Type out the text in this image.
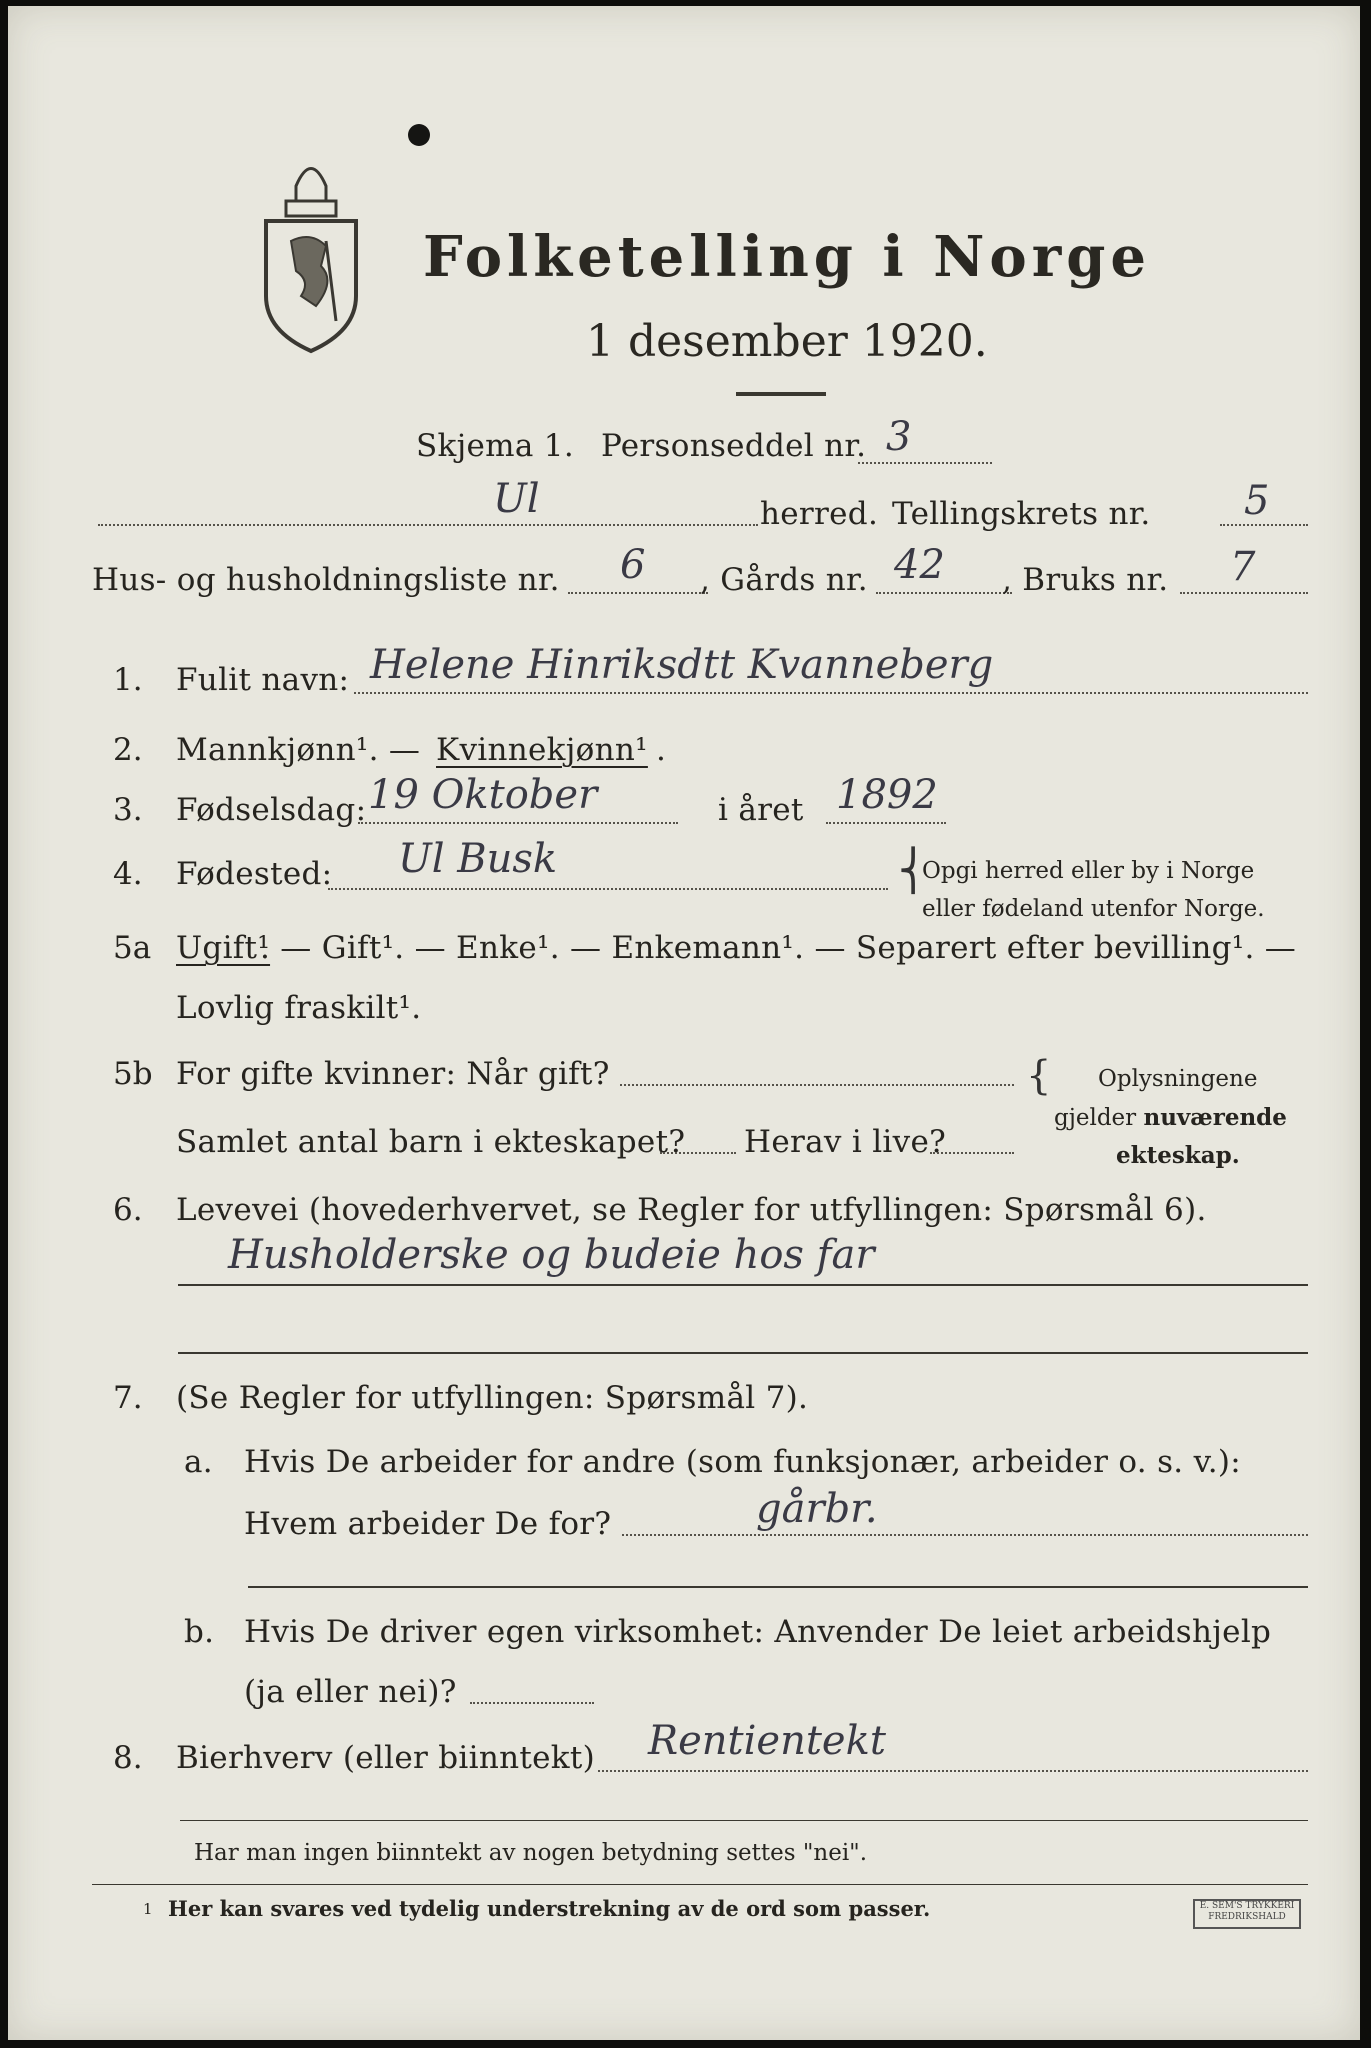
Folketelling i Norge
1 desember 1920.
Skjema 1. Personseddel nr. 3
Ul	herred. Tellingskrets nr. 5
Hus- og husholdningsliste nr. 6 , Gårds nr. 42 , Bruks nr. 7
1. Fulit navn: Helene Hinriksdtt Kvanneberg
2. Mannkjønn¹. — Kvinnekjønn¹ .
3. Fødselsdag: 19 Oktober	i året 1892
4. Fødested: Ul Busk	⎨
Opgi herred eller by i Norge
eller fødeland utenfor Norge.
5a Ugift¹
. — Gift¹. — Enke¹. — Enkemann¹. — Separert efter bevilling¹. —
Lovlig fraskilt¹.
5b For gifte kvinner: Når gift?
Samlet antal barn i ekteskapet? Herav i live?
{ Oplysningene
gjelder nuværende
ekteskap.
6. Levevei (hovederhvervet, se Regler for utfyllingen: Spørsmål 6).
Husholderske og budeie hos far
7. (Se Regler for utfyllingen: Spørsmål 7).
a. Hvis De arbeider for andre (som funksjonær, arbeider o. s. v.):
Hvem arbeider De for?	gårbr.
b. Hvis De driver egen virksomhet: Anvender De leiet arbeidshjelp
(ja eller nei)?
8. Bierhverv (eller biinntekt) Rentientekt
Har man ingen biinntekt av nogen betydning settes "nei".
1 Her kan svares ved tydelig understrekning av de ord som passer.	E. SEM'S TRYKKERI
FREDRIKSHALD
